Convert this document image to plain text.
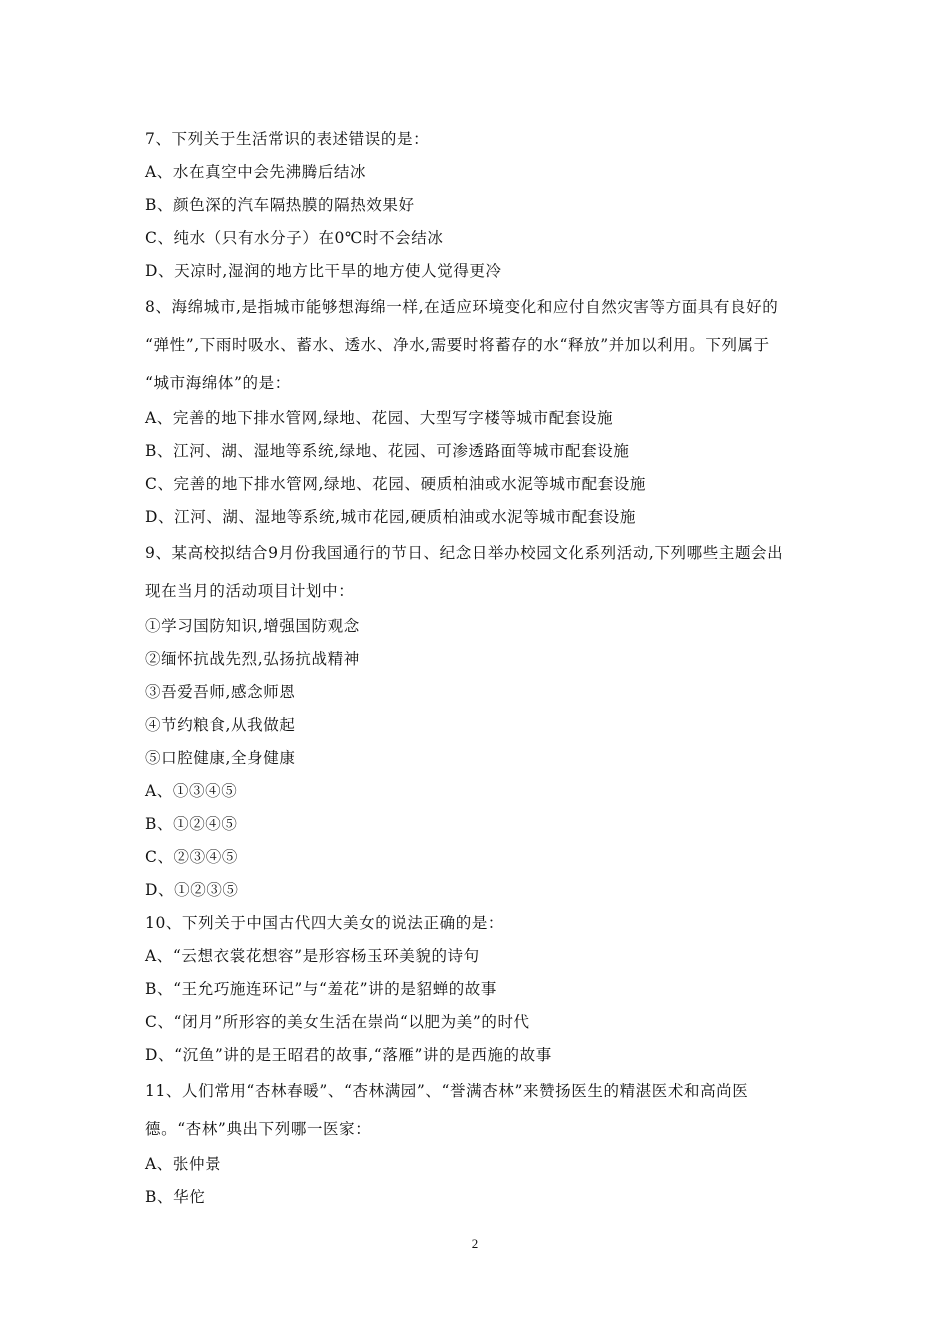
7、下列关于生活常识的表述错误的是：
A、水在真空中会先沸腾后结冰
B、颜色深的汽车隔热膜的隔热效果好
C、纯水（只有水分子）在0℃时不会结冰
D、天凉时,湿润的地方比干旱的地方使人觉得更冷
8、海绵城市,是指城市能够想海绵一样,在适应环境变化和应付自然灾害等方面具有良好的
“弹性”,下雨时吸水、蓄水、透水、净水,需要时将蓄存的水“释放”并加以利用。下列属于
“城市海绵体”的是：
A、完善的地下排水管网,绿地、花园、大型写字楼等城市配套设施
B、江河、湖、湿地等系统,绿地、花园、可渗透路面等城市配套设施
C、完善的地下排水管网,绿地、花园、硬质柏油或水泥等城市配套设施
D、江河、湖、湿地等系统,城市花园,硬质柏油或水泥等城市配套设施
9、某高校拟结合9月份我国通行的节日、纪念日举办校园文化系列活动,下列哪些主题会出
现在当月的活动项目计划中：
①学习国防知识,增强国防观念
②缅怀抗战先烈,弘扬抗战精神
③吾爱吾师,感念师恩
④节约粮食,从我做起
⑤口腔健康,全身健康
A、①③④⑤
B、①②④⑤
C、②③④⑤
D、①②③⑤
10、下列关于中国古代四大美女的说法正确的是：
A、“云想衣裳花想容”是形容杨玉环美貌的诗句
B、“王允巧施连环记”与“羞花”讲的是貂蝉的故事
C、“闭月”所形容的美女生活在崇尚“以肥为美”的时代
D、“沉鱼”讲的是王昭君的故事,“落雁”讲的是西施的故事
11、人们常用“杏林春暖”、“杏林满园”、“誉满杏林”来赞扬医生的精湛医术和高尚医
德。“杏林”典出下列哪一医家：
A、张仲景
B、华佗
2
